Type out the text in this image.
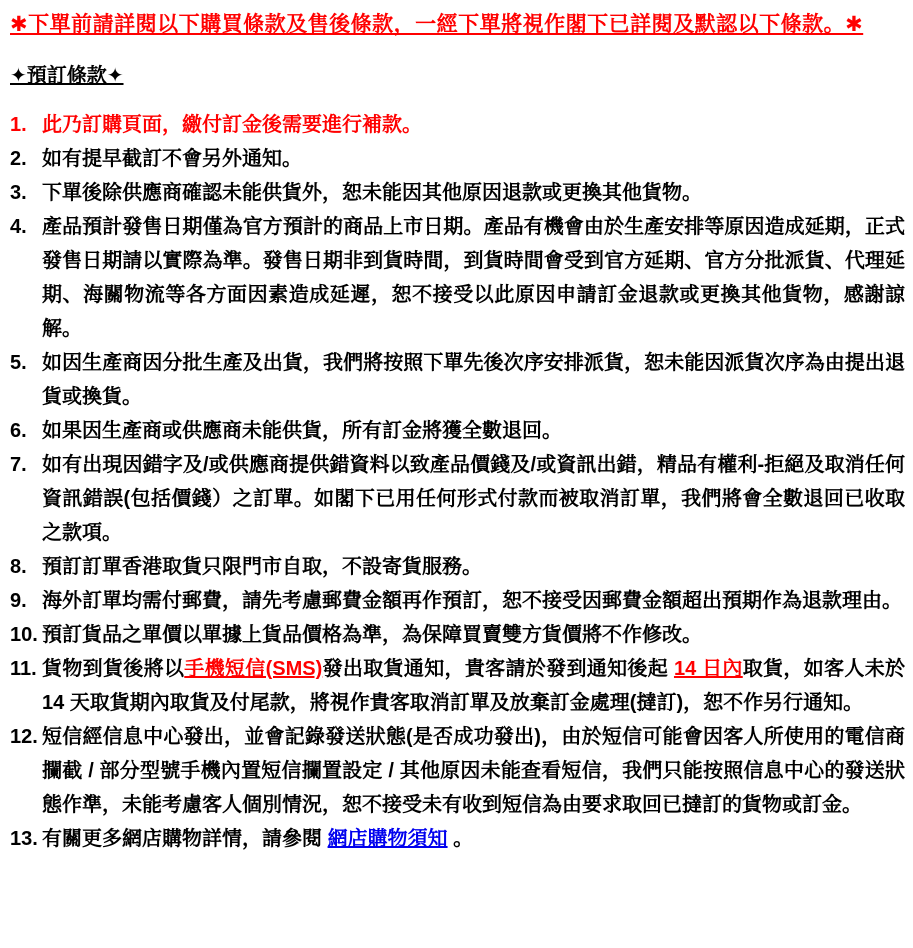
✱下單前請詳閱以下購買條款及售後條款，一經下單將視作閣下已詳閱及默認以下條款。✱
✦預訂條款✦
1. 此乃訂購頁面，繳付訂金後需要進行補款。
2. 如有提早截訂不會另外通知。
3. 下單後除供應商確認未能供貨外，恕未能因其他原因退款或更換其他貨物。
4. 產品預計發售日期僅為官方預計的商品上市日期。產品有機會由於生產安排等原因造成延期，正式發售日期請以實際為準。發售日期非到貨時間，到貨時間會受到官方延期、官方分批派貨、代理延期、海關物流等各方面因素造成延遲，恕不接受以此原因申請訂金退款或更換其他貨物，感謝諒解。
5. 如因生產商因分批生產及出貨，我們將按照下單先後次序安排派貨，恕未能因派貨次序為由提出退貨或換貨。
6. 如果因生產商或供應商未能供貨，所有訂金將獲全數退回。
7. 如有出現因錯字及/或供應商提供錯資料以致產品價錢及/或資訊出錯，精品有權利-拒絕及取消任何資訊錯誤(包括價錢）之訂單。如閣下已用任何形式付款而被取消訂單，我們將會全數退回已收取之款項。
8. 預訂訂單香港取貨只限門市自取，不設寄貨服務。
9. 海外訂單均需付郵費，請先考慮郵費金額再作預訂，恕不接受因郵費金額超出預期作為退款理由。
10. 預訂貨品之單價以單據上貨品價格為準，為保障買賣雙方貨價將不作修改。
11. 貨物到貨後將以手機短信(SMS)發出取貨通知，貴客請於發到通知後起 14 日內取貨，如客人未於 14 天取貨期內取貨及付尾款，將視作貴客取消訂單及放棄訂金處理(撻訂)，恕不作另行通知。
12. 短信經信息中心發出，並會記錄發送狀態(是否成功發出)，由於短信可能會因客人所使用的電信商攔截 / 部分型號手機內置短信攔置設定 / 其他原因未能查看短信，我們只能按照信息中心的發送狀態作準，未能考慮客人個別情況，恕不接受未有收到短信為由要求取回已撻訂的貨物或訂金。
13. 有關更多網店購物詳情，請參閱 網店購物須知 。
